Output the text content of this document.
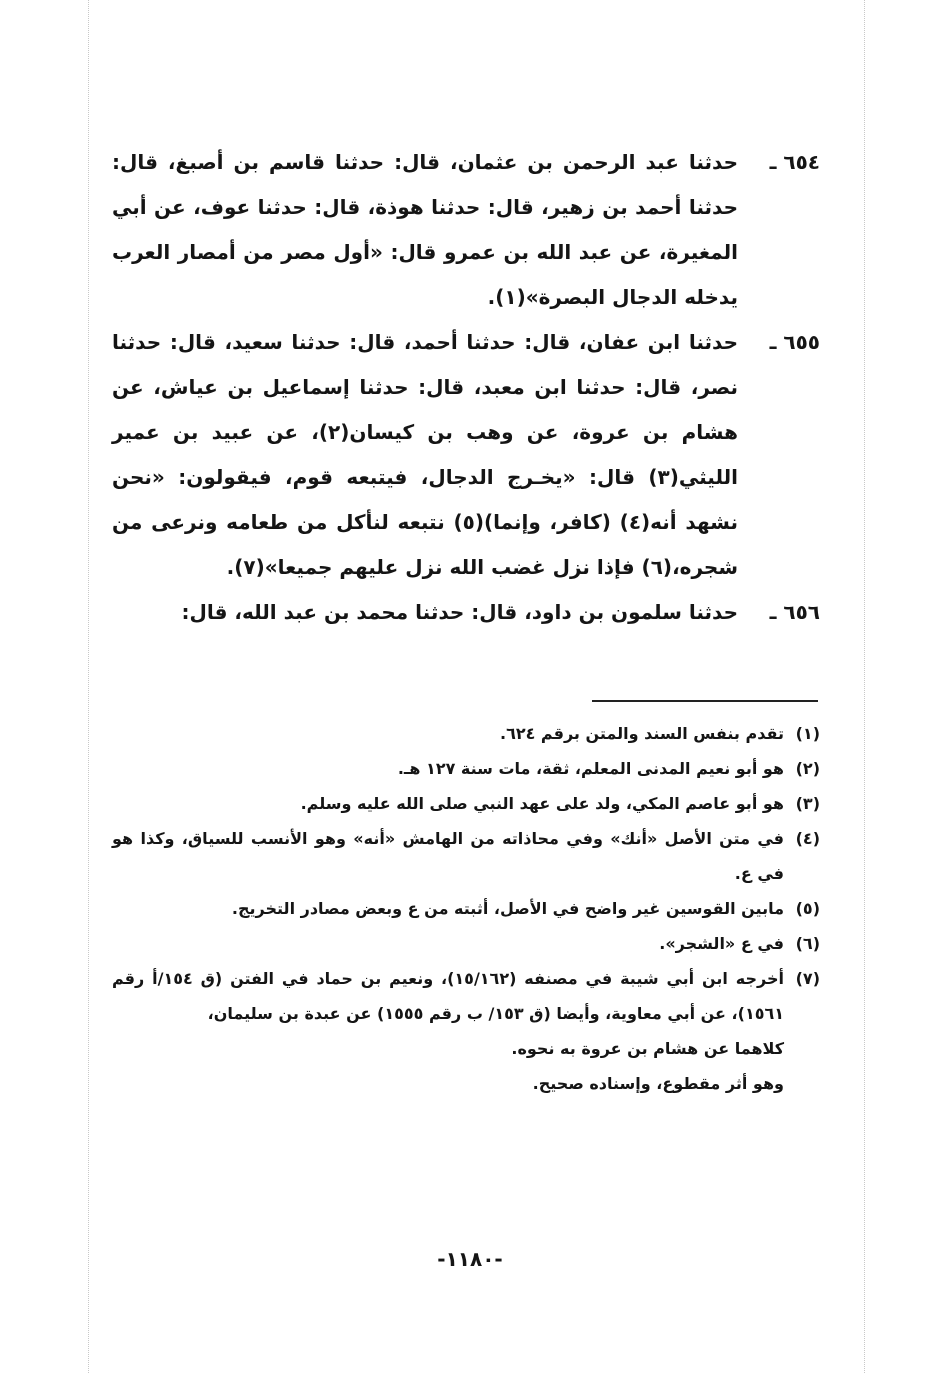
٦٥٤ ـ
حدثنا عبد الرحمن بن عثمان، قال: حدثنا قاسم بن أصبغ، قال: حدثنا أحمد بن زهير، قال: حدثنا هوذة، قال: حدثنا عوف، عن أبي المغيرة، عن عبد الله بن عمرو قال: «أول مصر من أمصار العرب يدخله الدجال البصرة»(١).
٦٥٥ ـ
حدثنا ابن عفان، قال: حدثنا أحمد، قال: حدثنا سعيد، قال: حدثنا نصر، قال: حدثنا ابن معبد، قال: حدثنا إسماعيل بن عياش، عن هشام بن عروة، عن وهب بن كيسان(٢)، عن عبيد بن عمير الليثي(٣) قال: «يخـرج الدجال، فيتبعه قوم، فيقولون: «نحن نشهد أنه(٤) (كافر، وإنما)(٥) نتبعه لنأكل من طعامه ونرعى من شجره،(٦) فإذا نزل غضب الله نزل عليهم جميعا»(٧).
٦٥٦ ـ
حدثنا سلمون بن داود، قال: حدثنا محمد بن عبد الله، قال:
(١)
تقدم بنفس السند والمتن برقم ٦٢٤.
(٢)
هو أبو نعيم المدنى المعلم، ثقة، مات سنة ١٢٧ هـ.
(٣)
هو أبو عاصم المكي، ولد على عهد النبي صلى الله عليه وسلم.
(٤)
في متن الأصل «أنك» وفي محاذاته من الهامش «أنه» وهو الأنسب للسياق، وكذا هو في ع.
(٥)
مابين القوسين غير واضح في الأصل، أثبته من ع وبعض مصادر التخريج.
(٦)
في ع «الشجر».
(٧)
أخرجه ابن أبي شيبة في مصنفه (١٥/١٦٢)، ونعيم بن حماد في الفتن (ق ١٥٤/أ رقم ١٥٦١)، عن أبي معاوية، وأيضا (ق ١٥٣/ ب رقم ١٥٥٥) عن عبدة بن سليمان،
كلاهما عن هشام بن عروة به نحوه.
وهو أثر مقطوع، وإسناده صحيح.
-١١٨٠-
